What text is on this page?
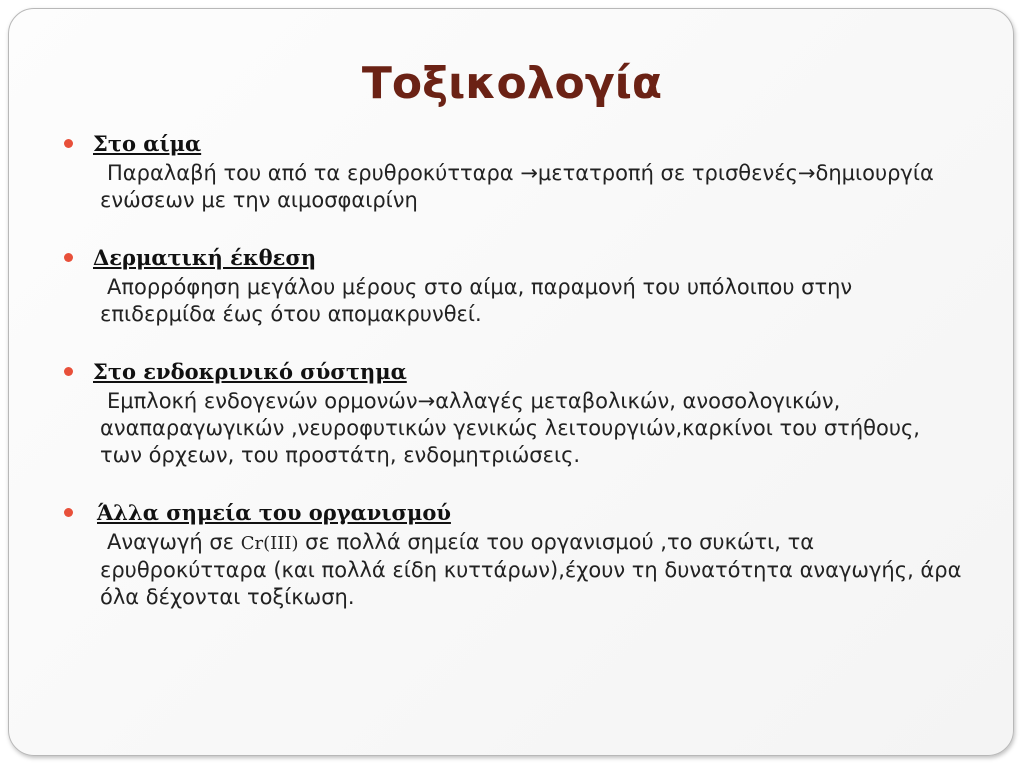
Τοξικολογία
Στο αίμα
Παραλαβή του από τα ερυθροκύτταρα →μετατροπή σε τρισθενές→δημιουργία ενώσεων με την αιμοσφαιρίνη
Δερματική έκθεση
Απορρόφηση μεγάλου μέρους στο αίμα, παραμονή του υπόλοιπου στην επιδερμίδα έως ότου απομακρυνθεί.
Στο ενδοκρινικό σύστημα
Εμπλοκή ενδογενών ορμονών→αλλαγές μεταβολικών, ανοσολογικών, αναπαραγωγικών ,νευροφυτικών γενικώς λειτουργιών,καρκίνοι του στήθους, των όρχεων, του προστάτη, ενδομητριώσεις.
Άλλα σημεία του οργανισμού
Αναγωγή σε Cr(III) σε πολλά σημεία του οργανισμού ,το συκώτι, τα ερυθροκύτταρα (και πολλά είδη κυττάρων),έχουν τη δυνατότητα αναγωγής, άρα όλα δέχονται τοξίκωση.
